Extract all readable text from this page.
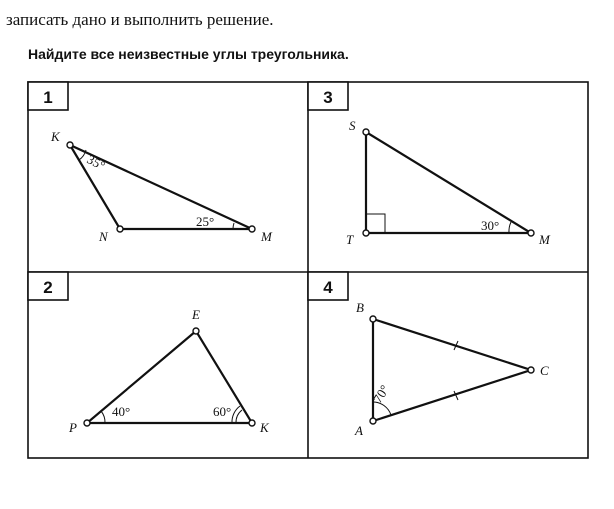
записать дано и выполнить решение.
Найдите все неизвестные углы треугольника.
1
K
N	M
35°
25°
3
S
T	M
30°
2
E
P	K
40°	60°
4
B
C
A
70°
